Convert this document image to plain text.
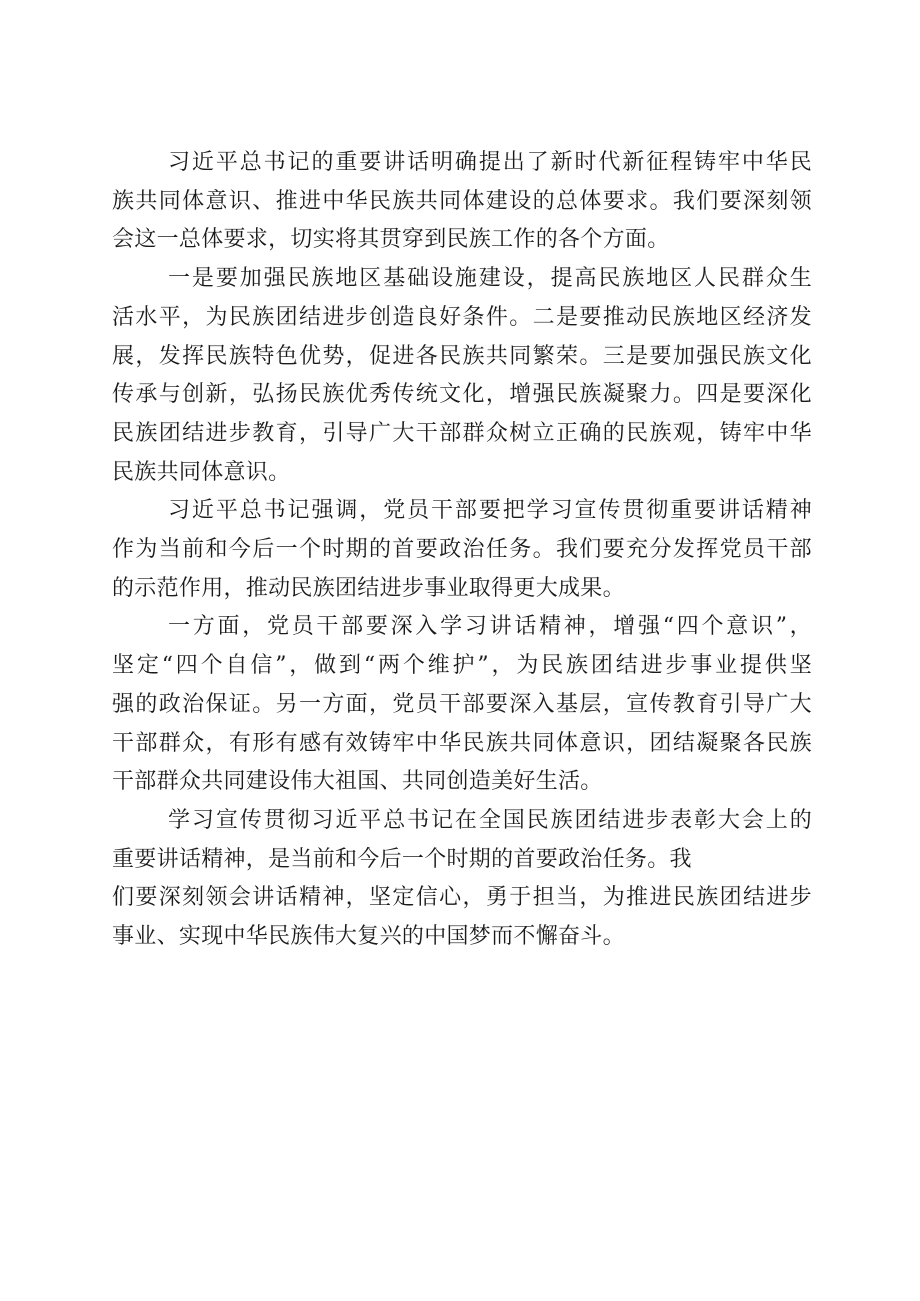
习近平总书记的重要讲话明确提出了新时代新征程铸牢中华民
族共同体意识、推进中华民族共同体建设的总体要求。我们要深刻领
会这一总体要求，切实将其贯穿到民族工作的各个方面。

一是要加强民族地区基础设施建设，提高民族地区人民群众生
活水平，为民族团结进步创造良好条件。二是要推动民族地区经济发
展，发挥民族特色优势，促进各民族共同繁荣。三是要加强民族文化
传承与创新，弘扬民族优秀传统文化，增强民族凝聚力。四是要深化
民族团结进步教育，引导广大干部群众树立正确的民族观，铸牢中华
民族共同体意识。

习近平总书记强调，党员干部要把学习宣传贯彻重要讲话精神
作为当前和今后一个时期的首要政治任务。我们要充分发挥党员干部
的示范作用，推动民族团结进步事业取得更大成果。

一方面，党员干部要深入学习讲话精神，增强“四个意识”，
坚定“四个自信”，做到“两个维护”，为民族团结进步事业提供坚
强的政治保证。另一方面，党员干部要深入基层，宣传教育引导广大
干部群众，有形有感有效铸牢中华民族共同体意识，团结凝聚各民族
干部群众共同建设伟大祖国、共同创造美好生活。

学习宣传贯彻习近平总书记在全国民族团结进步表彰大会上的
重要讲话精神，是当前和今后一个时期的首要政治任务。我
们要深刻领会讲话精神，坚定信心，勇于担当，为推进民族团结进步
事业、实现中华民族伟大复兴的中国梦而不懈奋斗。
